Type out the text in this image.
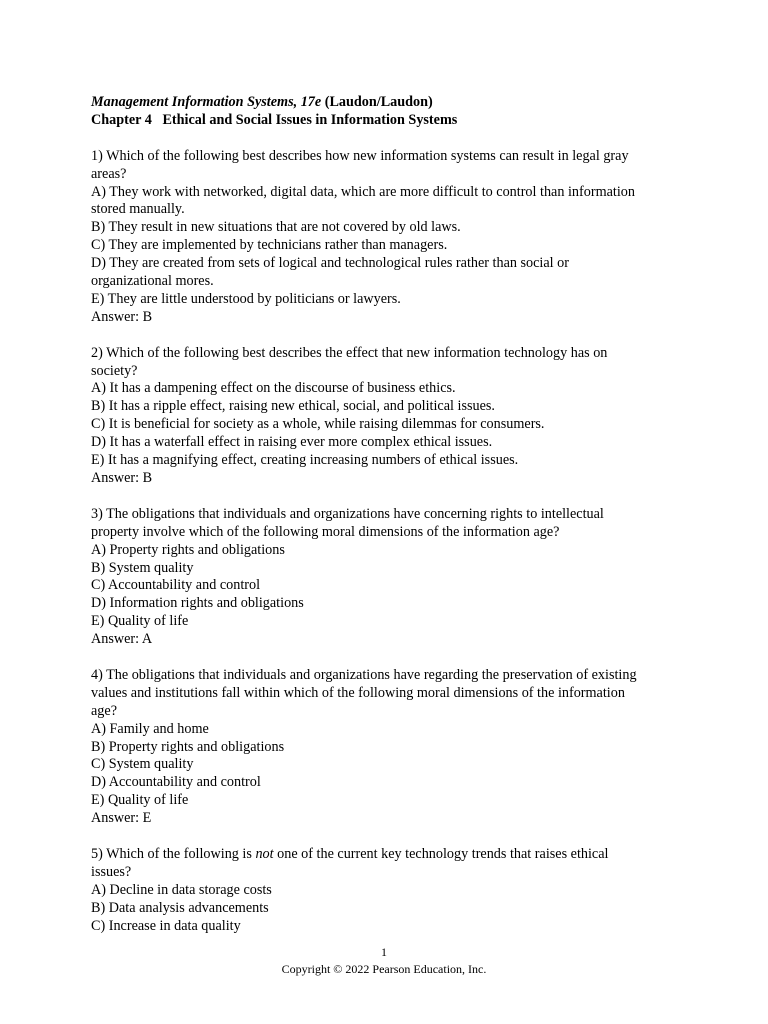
Management Information Systems, 17e (Laudon/Laudon)
Chapter 4   Ethical and Social Issues in Information Systems
1) Which of the following best describes how new information systems can result in legal gray
areas?
A) They work with networked, digital data, which are more difficult to control than information
stored manually.
B) They result in new situations that are not covered by old laws.
C) They are implemented by technicians rather than managers.
D) They are created from sets of logical and technological rules rather than social or
organizational mores.
E) They are little understood by politicians or lawyers.
Answer: B
2) Which of the following best describes the effect that new information technology has on
society?
A) It has a dampening effect on the discourse of business ethics.
B) It has a ripple effect, raising new ethical, social, and political issues.
C) It is beneficial for society as a whole, while raising dilemmas for consumers.
D) It has a waterfall effect in raising ever more complex ethical issues.
E) It has a magnifying effect, creating increasing numbers of ethical issues.
Answer: B
3) The obligations that individuals and organizations have concerning rights to intellectual
property involve which of the following moral dimensions of the information age?
A) Property rights and obligations
B) System quality
C) Accountability and control
D) Information rights and obligations
E) Quality of life
Answer: A
4) The obligations that individuals and organizations have regarding the preservation of existing
values and institutions fall within which of the following moral dimensions of the information
age?
A) Family and home
B) Property rights and obligations
C) System quality
D) Accountability and control
E) Quality of life
Answer: E
5) Which of the following is not one of the current key technology trends that raises ethical
issues?
A) Decline in data storage costs
B) Data analysis advancements
C) Increase in data quality
1
Copyright © 2022 Pearson Education, Inc.
